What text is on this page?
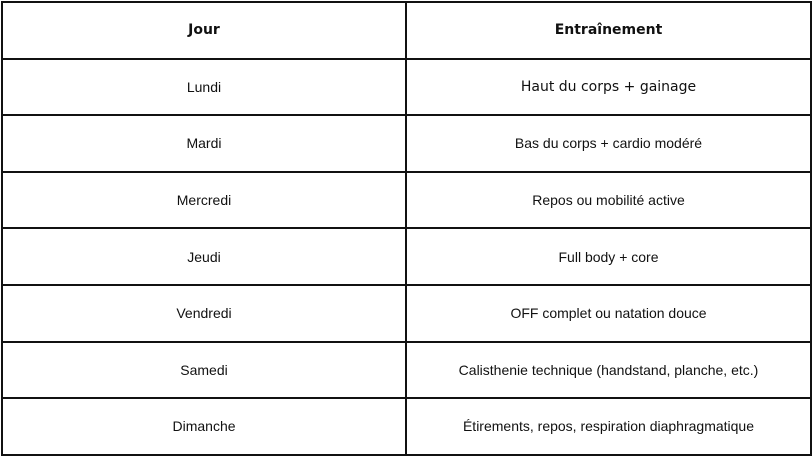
Jour	Entraînement
Lundi	Haut du corps + gainage
Mardi	Bas du corps + cardio modéré
Mercredi	Repos ou mobilité active
Jeudi	Full body + core
Vendredi	OFF complet ou natation douce
Samedi	Calisthenie technique (handstand, planche, etc.)
Dimanche	Étirements, repos, respiration diaphragmatique
